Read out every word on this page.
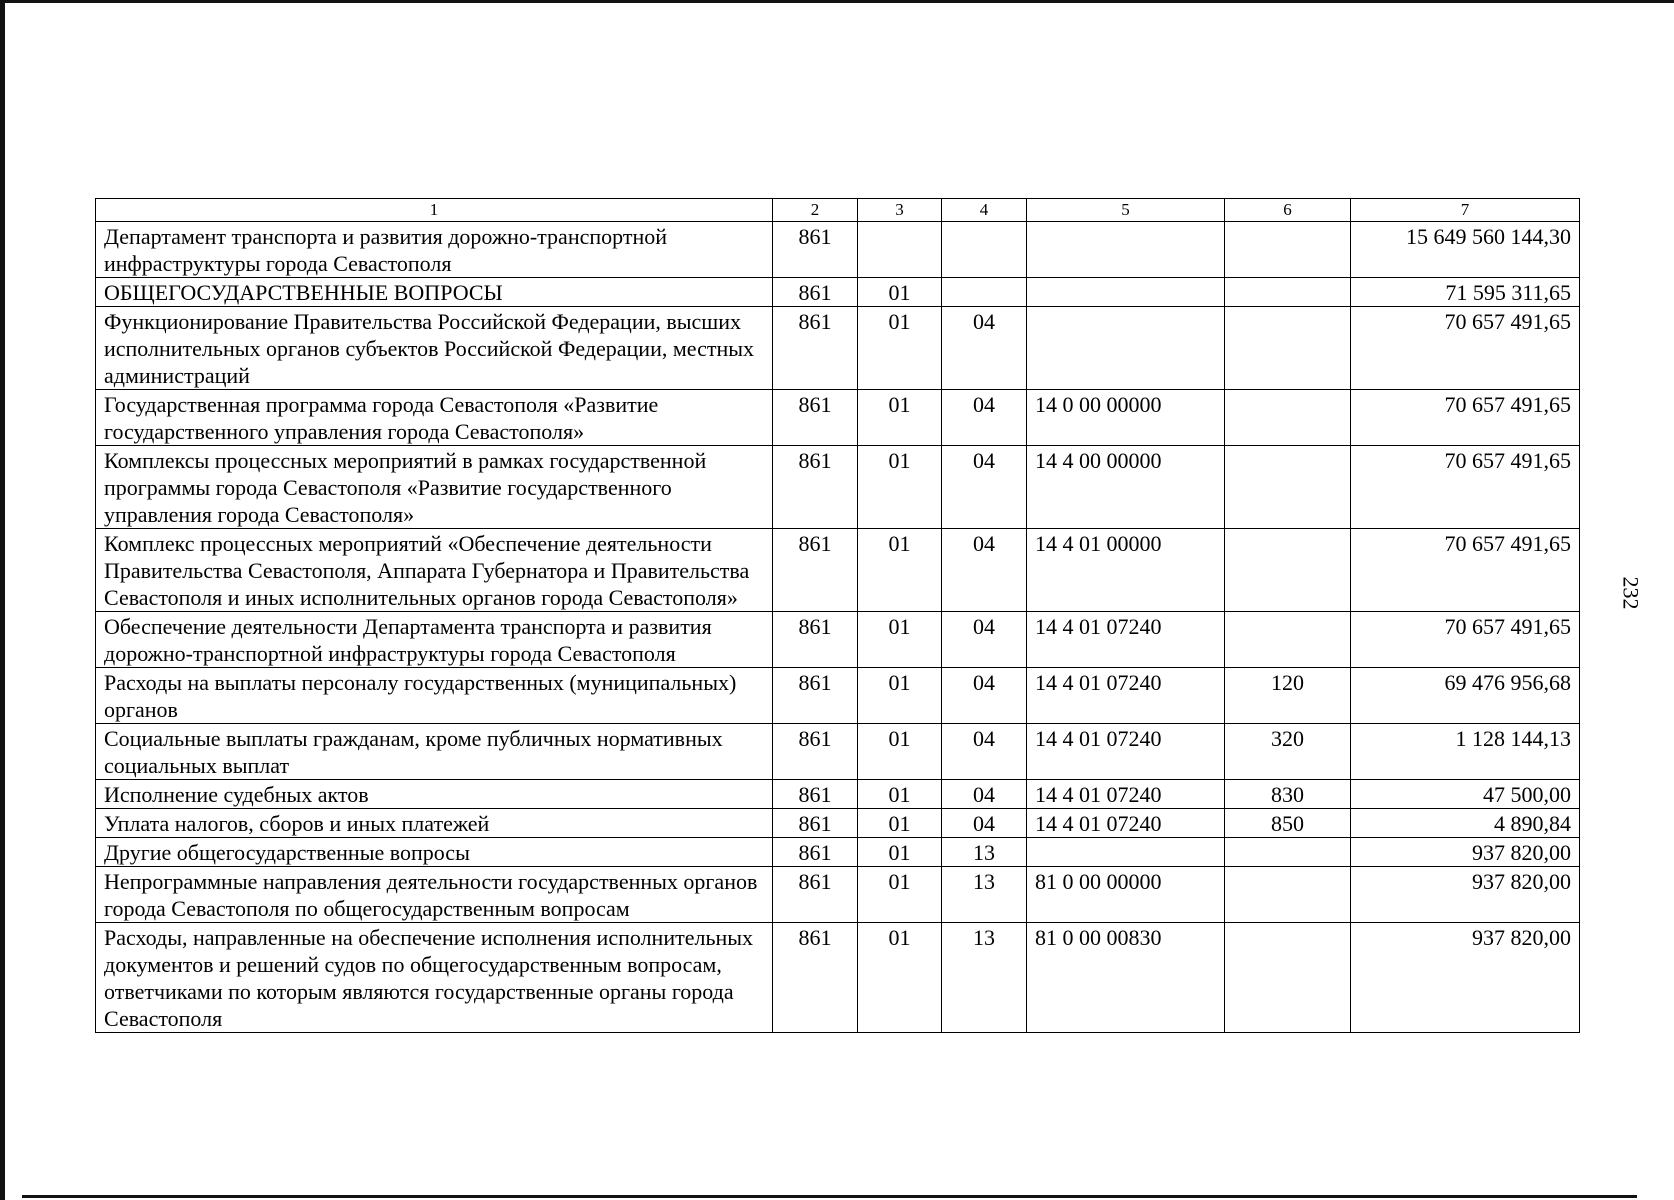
232
1	2	3	4	5	6	7
Департамент транспорта и развития дорожно-транспортной инфраструктуры города Севастополя	861					15 649 560 144,30
ОБЩЕГОСУДАРСТВЕННЫЕ ВОПРОСЫ	861	01				71 595 311,65
Функционирование Правительства Российской Федерации, высших исполнительных органов субъектов Российской Федерации, местных администраций	861	01	04			70 657 491,65
Государственная программа города Севастополя «Развитие государственного управления города Севастополя»	861	01	04	14 0 00 00000		70 657 491,65
Комплексы процессных мероприятий в рамках государственной программы города Севастополя «Развитие государственного управления города Севастополя»	861	01	04	14 4 00 00000		70 657 491,65
Комплекс процессных мероприятий «Обеспечение деятельности Правительства Севастополя, Аппарата Губернатора и Правительства Севастополя и иных исполнительных органов города Севастополя»	861	01	04	14 4 01 00000		70 657 491,65
Обеспечение деятельности Департамента транспорта и развития дорожно-транспортной инфраструктуры города Севастополя	861	01	04	14 4 01 07240		70 657 491,65
Расходы на выплаты персоналу государственных (муниципальных) органов	861	01	04	14 4 01 07240	120	69 476 956,68
Социальные выплаты гражданам, кроме публичных нормативных социальных выплат	861	01	04	14 4 01 07240	320	1 128 144,13
Исполнение судебных актов	861	01	04	14 4 01 07240	830	47 500,00
Уплата налогов, сборов и иных платежей	861	01	04	14 4 01 07240	850	4 890,84
Другие общегосударственные вопросы	861	01	13			937 820,00
Непрограммные направления деятельности государственных органов города Севастополя по общегосударственным вопросам	861	01	13	81 0 00 00000		937 820,00
Расходы, направленные на обеспечение исполнения исполнительных документов и решений судов по общегосударственным вопросам, ответчиками по которым являются государственные органы города Севастополя	861	01	13	81 0 00 00830		937 820,00
